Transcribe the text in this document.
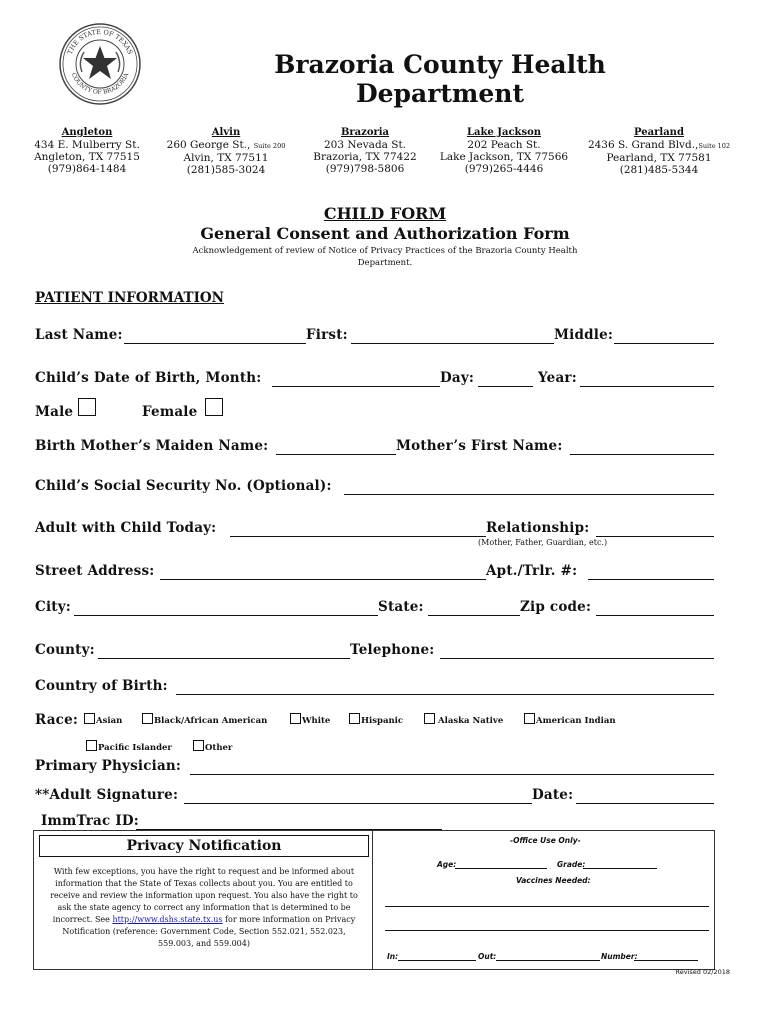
THE STATE OF TEXAS
COUNTY OF BRAZORIA	Brazoria County Health Department
Angleton
434 E. Mulberry St.
Angleton, TX 77515
(979)864-1484
Alvin
260 George St., Suite 200
Alvin, TX 77511
(281)585-3024
Brazoria
203 Nevada St.
Brazoria, TX 77422
(979)798-5806
Lake Jackson
202 Peach St.
Lake Jackson, TX 77566
(979)265-4446
Pearland
2436 S. Grand Blvd.,Suite 102
Pearland, TX 77581
(281)485-5344
CHILD FORM
General Consent and Authorization Form
Acknowledgement of review of Notice of Privacy Practices of the Brazoria County Health Department.
PATIENT INFORMATION
Last Name:	First:	Middle:
Child’s Date of Birth, Month:	Day:	Year:
Male	Female
Birth Mother’s Maiden Name:	Mother’s First Name:
Child’s Social Security No. (Optional):
Adult with Child Today:	Relationship:
(Mother, Father, Guardian, etc.)
Street Address:	Apt./Trlr. #:
City:	State:	Zip code:
County:	Telephone:
Country of Birth:
Race: Asian	Black/African American	White	Hispanic	Alaska Native	American Indian
Pacific Islander	Other
Primary Physician:
**Adult Signature:	Date:
ImmTrac ID:
Privacy Notification
With few exceptions, you have the right to request and be informed about information that the State of Texas collects about you. You are entitled to receive and review the information upon request. You also have the right to ask the state agency to correct any information that is determined to be incorrect. See http://www.dshs.state.tx.us for more information on Privacy Notification (reference: Government Code, Section 552.021, 552.023, 559.003, and 559.004)
-Office Use Only-
Age:	Grade:
Vaccines Needed:
In:	Out:	Number:
Revised 02/2018
